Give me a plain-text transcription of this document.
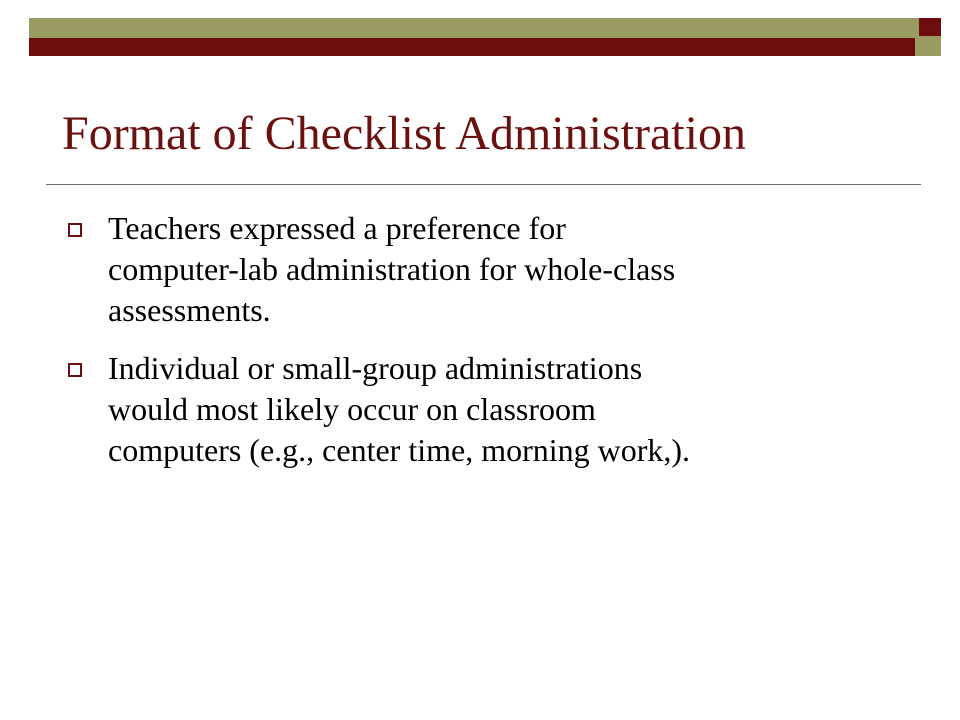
Format of Checklist Administration
Teachers expressed a preference for
computer-lab administration for whole-class
assessments.
Individual or small-group administrations
would most likely occur on classroom
computers (e.g., center time, morning work,).
